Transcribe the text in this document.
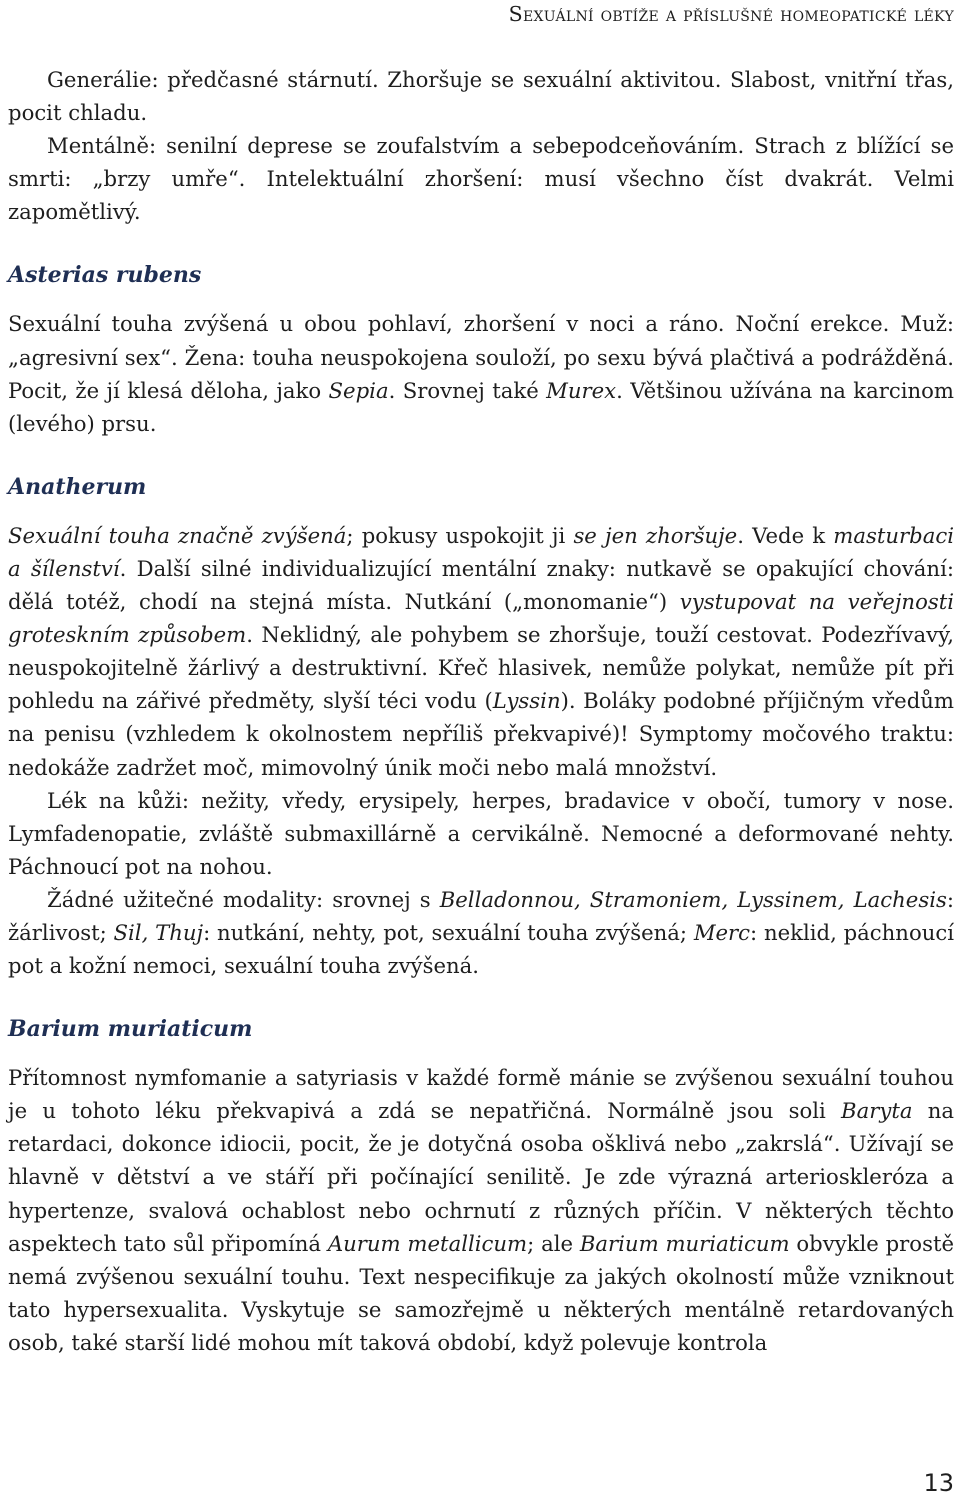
Sexuální obtíže a příslušné homeopatické léky

Generálie: předčasné stárnutí. Zhoršuje se sexuální aktivitou. Slabost, vnitřní třas, pocit chladu.

Mentálně: senilní deprese se zoufalstvím a sebepodceňováním. Strach z blížící se smrti: „brzy umře“. Intelektuální zhoršení: musí všechno číst dvakrát. Velmi zapomětlivý.

Asterias rubens

Sexuální touha zvýšená u obou pohlaví, zhoršení v noci a ráno. Noční erekce. Muž: „agresivní sex“. Žena: touha neuspokojena souloží, po sexu bývá plačtivá a podrážděná. Pocit, že jí klesá děloha, jako Sepia. Srovnej také Murex. Většinou užívána na karcinom (levého) prsu.

Anatherum

Sexuální touha značně zvýšená; pokusy uspokojit ji se jen zhoršuje. Vede k masturbaci a šílenství. Další silné individualizující mentální znaky: nutkavě se opakující chování: dělá totéž, chodí na stejná místa. Nutkání („monomanie“) vystupovat na veřejnosti groteskním způsobem. Neklidný, ale pohybem se zhoršuje, touží cestovat. Podezřívavý, neuspokojitelně žárlivý a destruktivní. Křeč hlasivek, nemůže polykat, nemůže pít při pohledu na zářivé předměty, slyší téci vodu (Lyssin). Boláky podobné příjičným vředům na penisu (vzhledem k okolnostem nepříliš překvapivé)! Symptomy močového traktu: nedokáže zadržet moč, mimovolný únik moči nebo malá množství.

Lék na kůži: nežity, vředy, erysipely, herpes, bradavice v obočí, tumory v nose. Lymfadenopatie, zvláště submaxillárně a cervikálně. Nemocné a deformované nehty. Páchnoucí pot na nohou.

Žádné užitečné modality: srovnej s Belladonnou, Stramoniem, Lyssinem, Lachesis: žárlivost; Sil, Thuj: nutkání, nehty, pot, sexuální touha zvýšená; Merc: neklid, páchnoucí pot a kožní nemoci, sexuální touha zvýšená.

Barium muriaticum

Přítomnost nymfomanie a satyriasis v každé formě mánie se zvýšenou sexuální touhou je u tohoto léku překvapivá a zdá se nepatřičná. Normálně jsou soli Baryta na retardaci, dokonce idiocii, pocit, že je dotyčná osoba ošklivá nebo „zakrslá“. Užívají se hlavně v dětství a ve stáří při počínající senilitě. Je zde výrazná arterioskleróza a hypertenze, svalová ochablost nebo ochrnutí z různých příčin. V některých těchto aspektech tato sůl připomíná Aurum metallicum; ale Barium muriaticum obvykle prostě nemá zvýšenou sexuální touhu. Text nespecifikuje za jakých okolností může vzniknout tato hypersexualita. Vyskytuje se samozřejmě u některých mentálně retardovaných osob, také starší lidé mohou mít taková období, když polevuje kontrola

13
